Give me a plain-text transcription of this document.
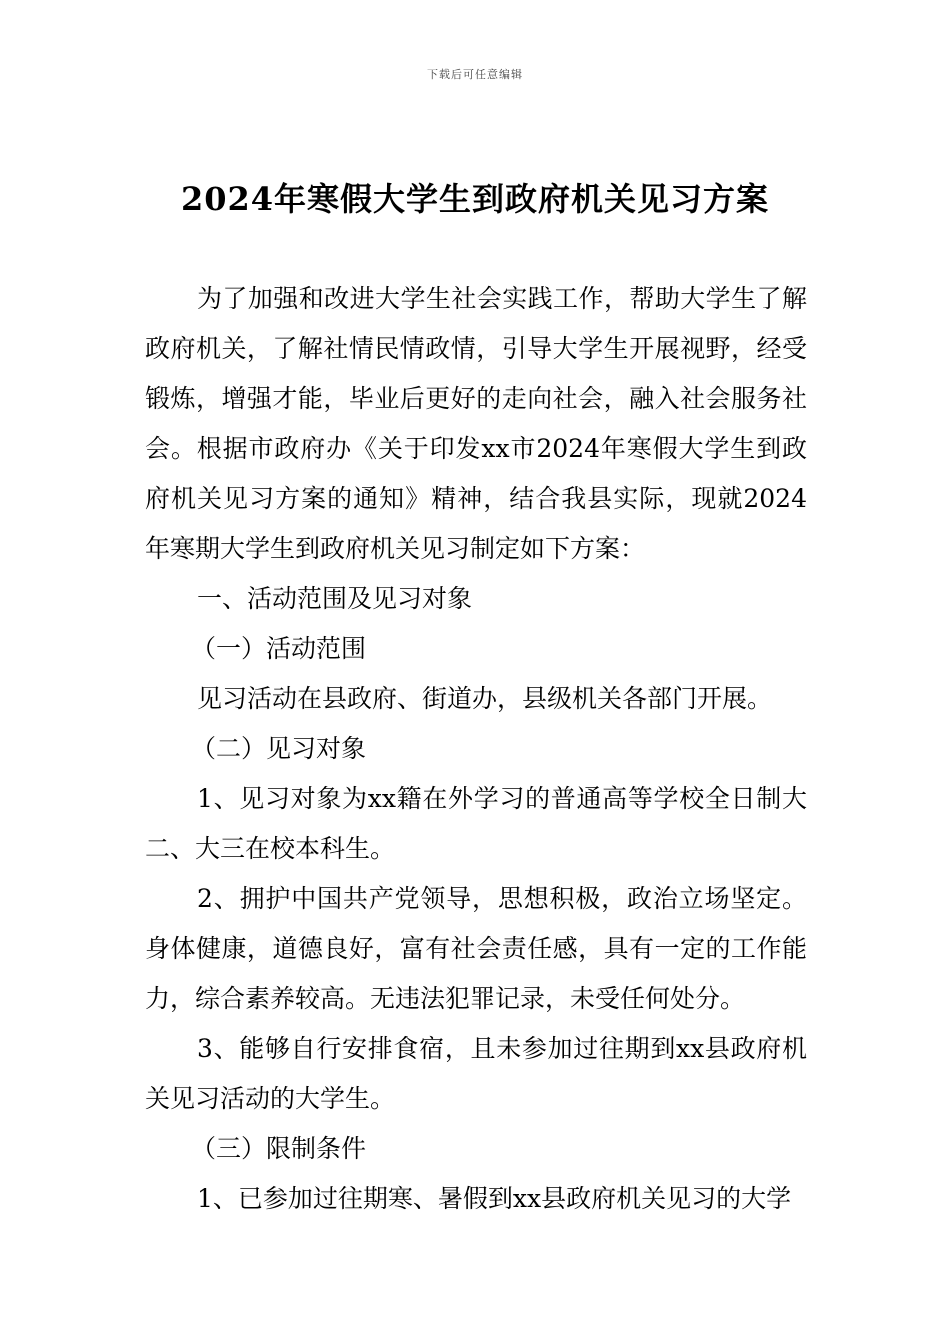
下载后可任意编辑
2024年寒假大学生到政府机关见习方案

为了加强和改进大学生社会实践工作，帮助大学生了解政府机关，了解社情民情政情，引导大学生开展视野，经受锻炼，增强才能，毕业后更好的走向社会，融入社会服务社会。根据市政府办《关于印发xx市2024年寒假大学生到政府机关见习方案的通知》精神，结合我县实际，现就2024年寒期大学生到政府机关见习制定如下方案：

一、活动范围及见习对象

（一）活动范围

见习活动在县政府、街道办，县级机关各部门开展。

（二）见习对象

1、见习对象为xx籍在外学习的普通高等学校全日制大二、大三在校本科生。

2、拥护中国共产党领导，思想积极，政治立场坚定。身体健康，道德良好，富有社会责任感，具有一定的工作能力，综合素养较高。无违法犯罪记录，未受任何处分。

3、能够自行安排食宿，且未参加过往期到xx县政府机关见习活动的大学生。

（三）限制条件

1、已参加过往期寒、暑假到xx县政府机关见习的大学
